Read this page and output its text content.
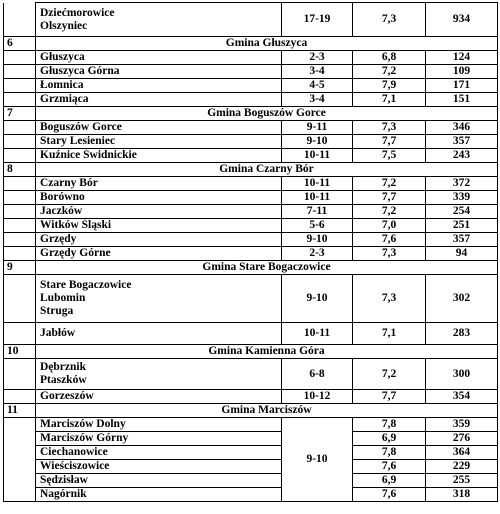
	Dziećmorowice
Olszyniec	17-19	7,3	934
6	Gmina Głuszyca			

	Głuszyca	2-3	6,8	124

	Głuszyca Górna	3-4	7,2	109

	Łomnica	4-5	7,9	171

	Grzmiąca	3-4	7,1	151
7	Gmina Boguszów Gorce			

	Boguszów Gorce	9-11	7,3	346

	Stary Lesieniec	9-10	7,7	357

	Kuźnice Świdnickie	10-11	7,5	243
8	Gmina Czarny Bór			

	Czarny Bór	10-11	7,2	372

	Borówno	10-11	7,7	339

	Jaczków	7-11	7,2	254

	Witków Śląski	5-6	7,0	251

	Grzędy	9-10	7,6	357

	Grzędy Górne	2-3	7,3	94
9	Gmina Stare Bogaczowice			

	Stare Bogaczowice
Lubomin
Struga	9-10	7,3	302

	Jabłów	10-11	7,1	283
10	Gmina Kamienna Góra			

	Dębrznik
Ptaszków	6-8	7,2	300

	Gorzeszów	10-12	7,7	354
11	Gmina Marciszów			
	Marciszów Dolny	9-10	7,8	359
	Marciszów Górny		6,9	276
	Ciechanowice		7,8	364
	Wieściszowice		7,6	229
	Sędzisław		6,9	255
	Nagórnik		7,6	318
